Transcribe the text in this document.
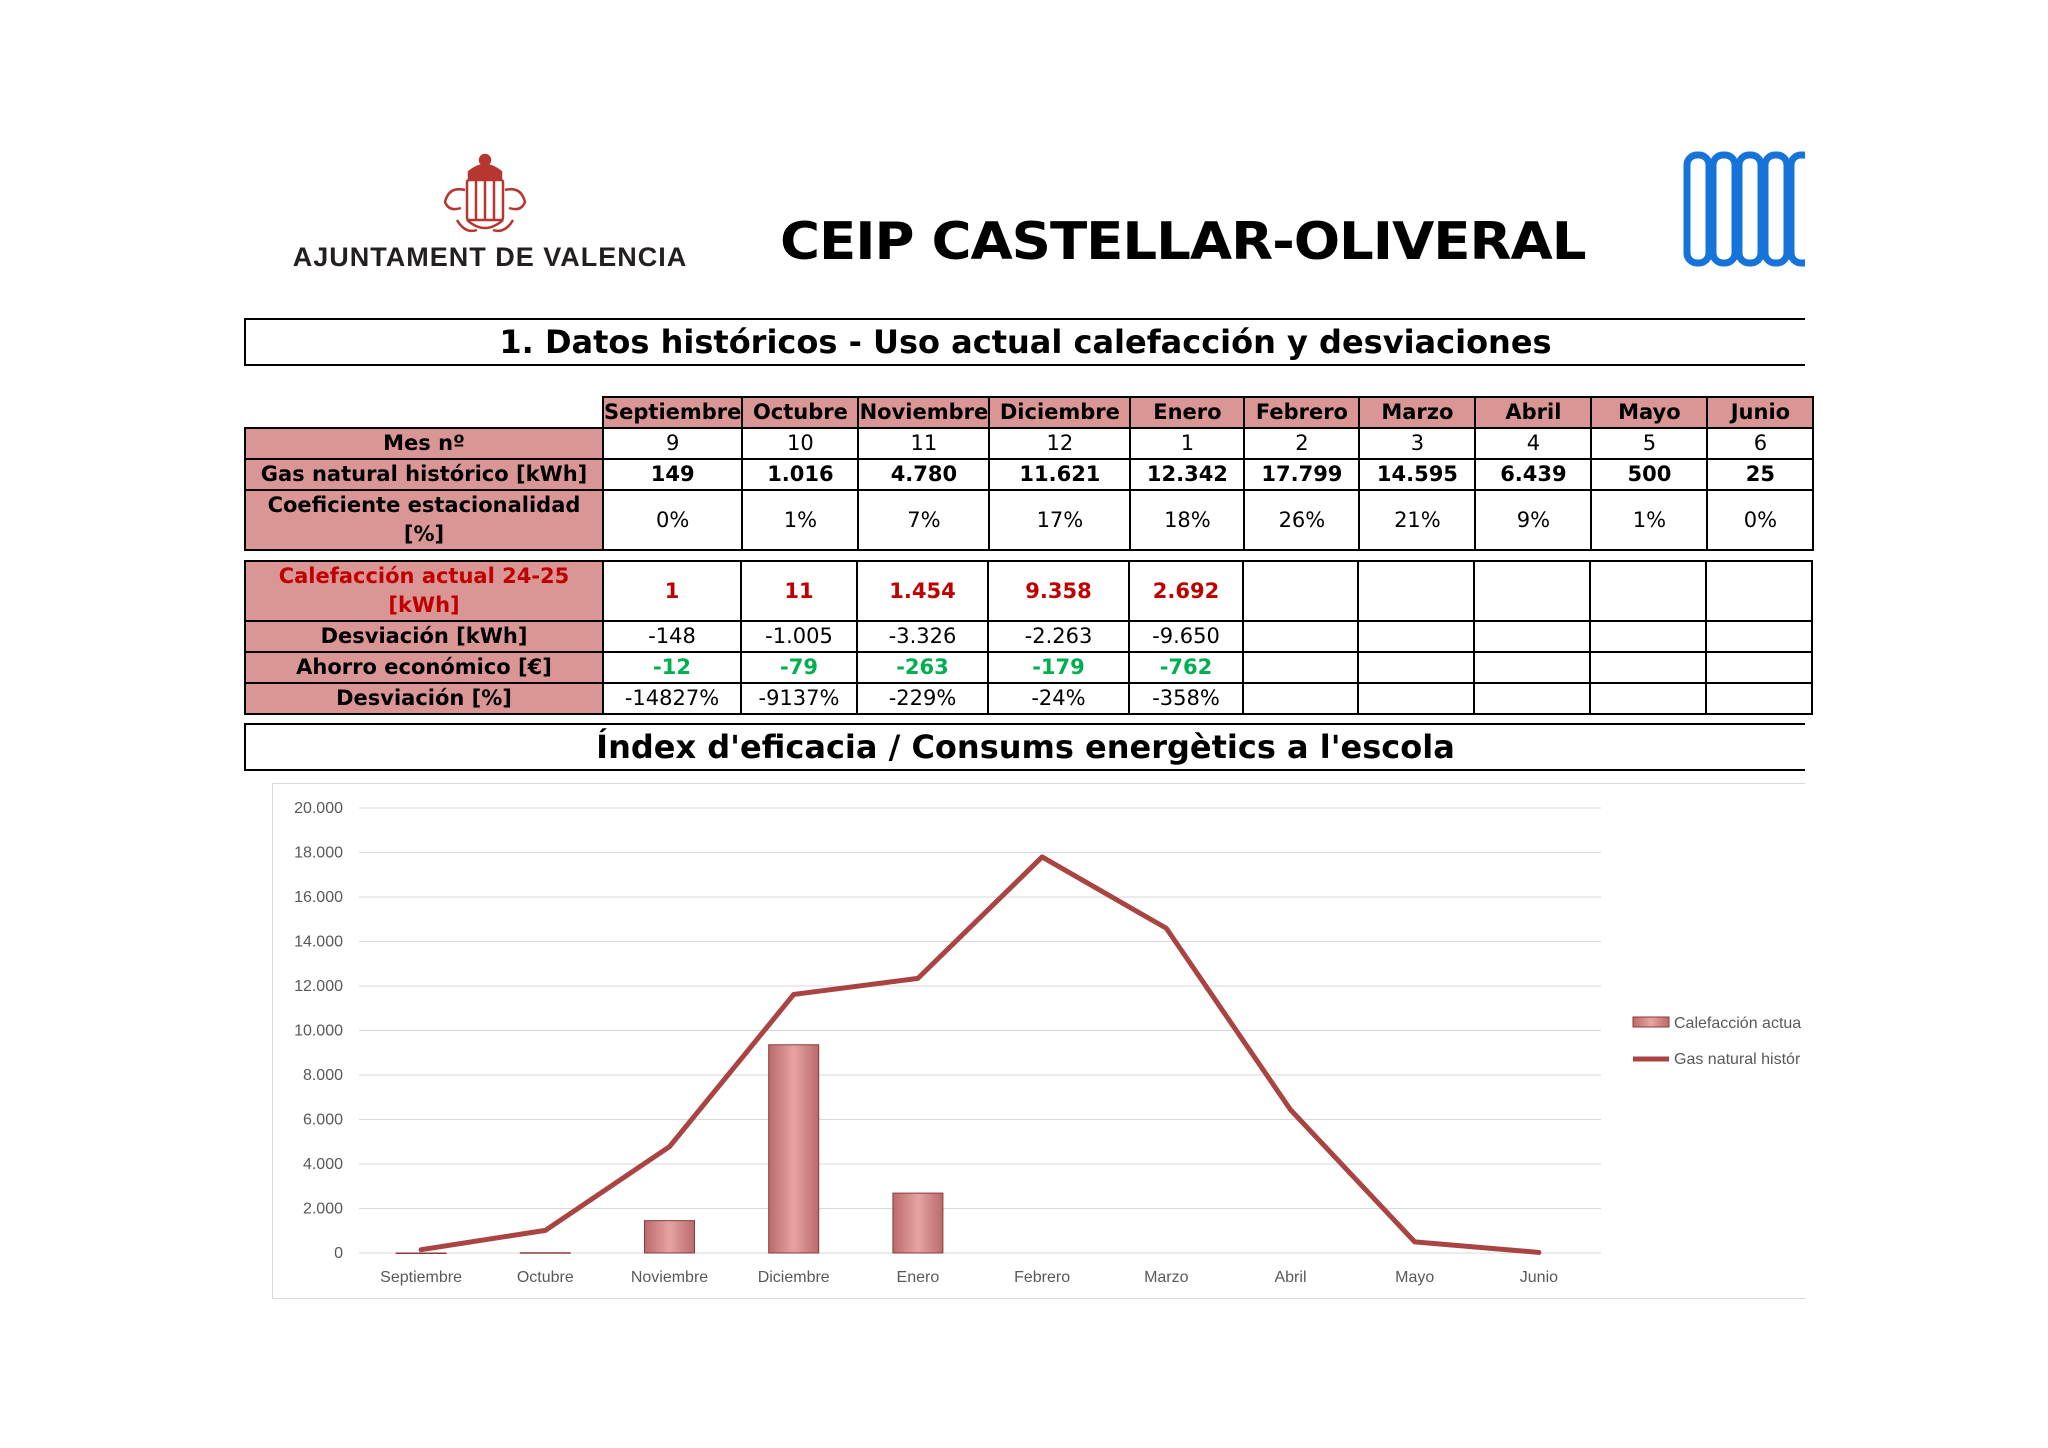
AJUNTAMENT DE VALENCIA CEIP CASTELLAR-OLIVERAL
1. Datos históricos - Uso actual calefacción y desviaciones
	Septiembre	Octubre	Noviembre	Diciembre	Enero	Febrero	Marzo	Abril	Mayo	Junio
Mes nº	9	10	11	12	1	2	3	4	5	6
Gas natural histórico [kWh]	149	1.016	4.780	11.621	12.342	17.799	14.595	6.439	500	25
Coeficiente estacionalidad [%]	0%	1%	7%	17%	18%	26%	21%	9%	1%	0%
Calefacción actual 24-25 [kWh]	1	11	1.454	9.358	2.692					
Desviación [kWh]	-148	-1.005	-3.326	-2.263	-9.650					
Ahorro económico [€]	-12	-79	-263	-179	-762					
Desviación [%]	-14827%	-9137%	-229%	-24%	-358%					
Índex d'eficacia / Consums energètics a l'escola
0
2.000
4.000
6.000
8.000
10.000
12.000
14.000
16.000
18.000
20.000
Septiembre	Octubre	Noviembre	Diciembre	Enero	Febrero	Marzo	Abril	Mayo	Junio
Calefacción actua
Gas natural histór
